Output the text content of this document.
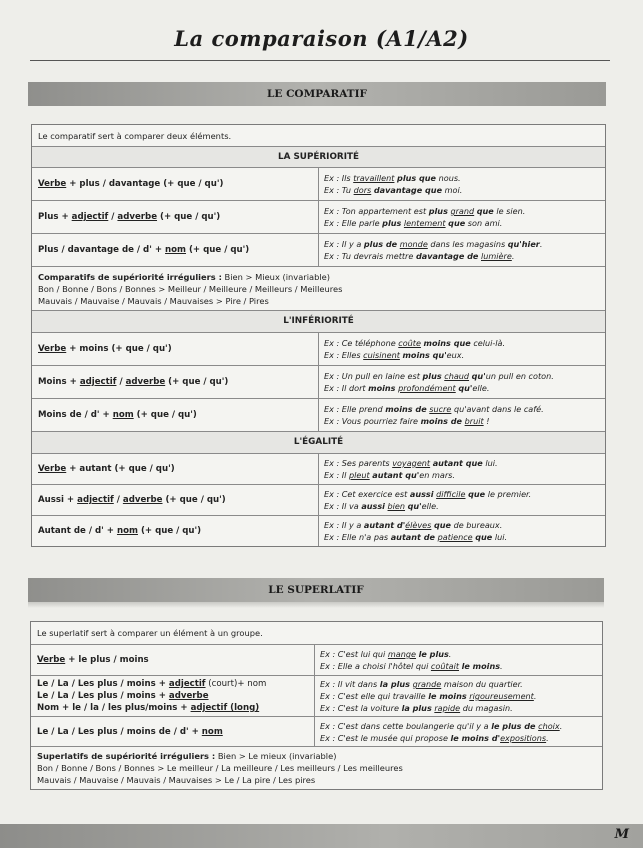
La comparaison (A1/A2)
LE COMPARATIF
Le comparatif sert à comparer deux éléments.
LA SUPÉRIORITÉ
Verbe + plus / davantage (+ que / qu')
Ex : Ils travaillent plus que nous.
Ex : Tu dors davantage que moi.
Plus + adjectif / adverbe (+ que / qu')
Ex : Ton appartement est plus grand que le sien.
Ex : Elle parle plus lentement que son ami.
Plus / davantage de / d' + nom (+ que / qu')
Ex : Il y a plus de monde dans les magasins qu'hier.
Ex : Tu devrais mettre davantage de lumière.
Comparatifs de supériorité irréguliers : Bien > Mieux (invariable)
Bon / Bonne / Bons / Bonnes > Meilleur / Meilleure / Meilleurs / Meilleures
Mauvais / Mauvaise / Mauvais / Mauvaises > Pire / Pires
L'INFÉRIORITÉ
Verbe + moins (+ que / qu')
Ex : Ce téléphone coûte moins que celui-là.
Ex : Elles cuisinent moins qu'eux.
Moins + adjectif / adverbe (+ que / qu')
Ex : Un pull en laine est plus chaud qu'un pull en coton.
Ex : Il dort moins profondément qu'elle.
Moins de / d' + nom (+ que / qu')
Ex : Elle prend moins de sucre qu'avant dans le café.
Ex : Vous pourriez faire moins de bruit !
L'ÉGALITÉ
Verbe + autant (+ que / qu')
Ex : Ses parents voyagent autant que lui.
Ex : Il pleut autant qu'en mars.
Aussi + adjectif / adverbe (+ que / qu')
Ex : Cet exercice est aussi difficile que le premier.
Ex : Il va aussi bien qu'elle.
Autant de / d' + nom (+ que / qu')
Ex : Il y a autant d'élèves que de bureaux.
Ex : Elle n'a pas autant de patience que lui.
LE SUPERLATIF
Le superlatif sert à comparer un élément à un groupe.
Verbe + le plus / moins
Ex : C'est lui qui mange le plus.
Ex : Elle a choisi l'hôtel qui coûtait le moins.
Le / La / Les plus / moins + adjectif (court)+ nom
Le / La / Les plus / moins + adverbe
Nom + le / la / les plus/moins + adjectif (long)
Ex : Il vit dans la plus grande maison du quartier.
Ex : C'est elle qui travaille le moins rigoureusement.
Ex : C'est la voiture la plus rapide du magasin.
Le / La / Les plus / moins de / d' + nom
Ex : C'est dans cette boulangerie qu'il y a le plus de choix.
Ex : C'est le musée qui propose le moins d'expositions.
Superlatifs de supériorité irréguliers : Bien > Le mieux (invariable)
Bon / Bonne / Bons / Bonnes > Le meilleur / La meilleure / Les meilleurs / Les meilleures
Mauvais / Mauvaise / Mauvais / Mauvaises > Le / La pire / Les pires
M
